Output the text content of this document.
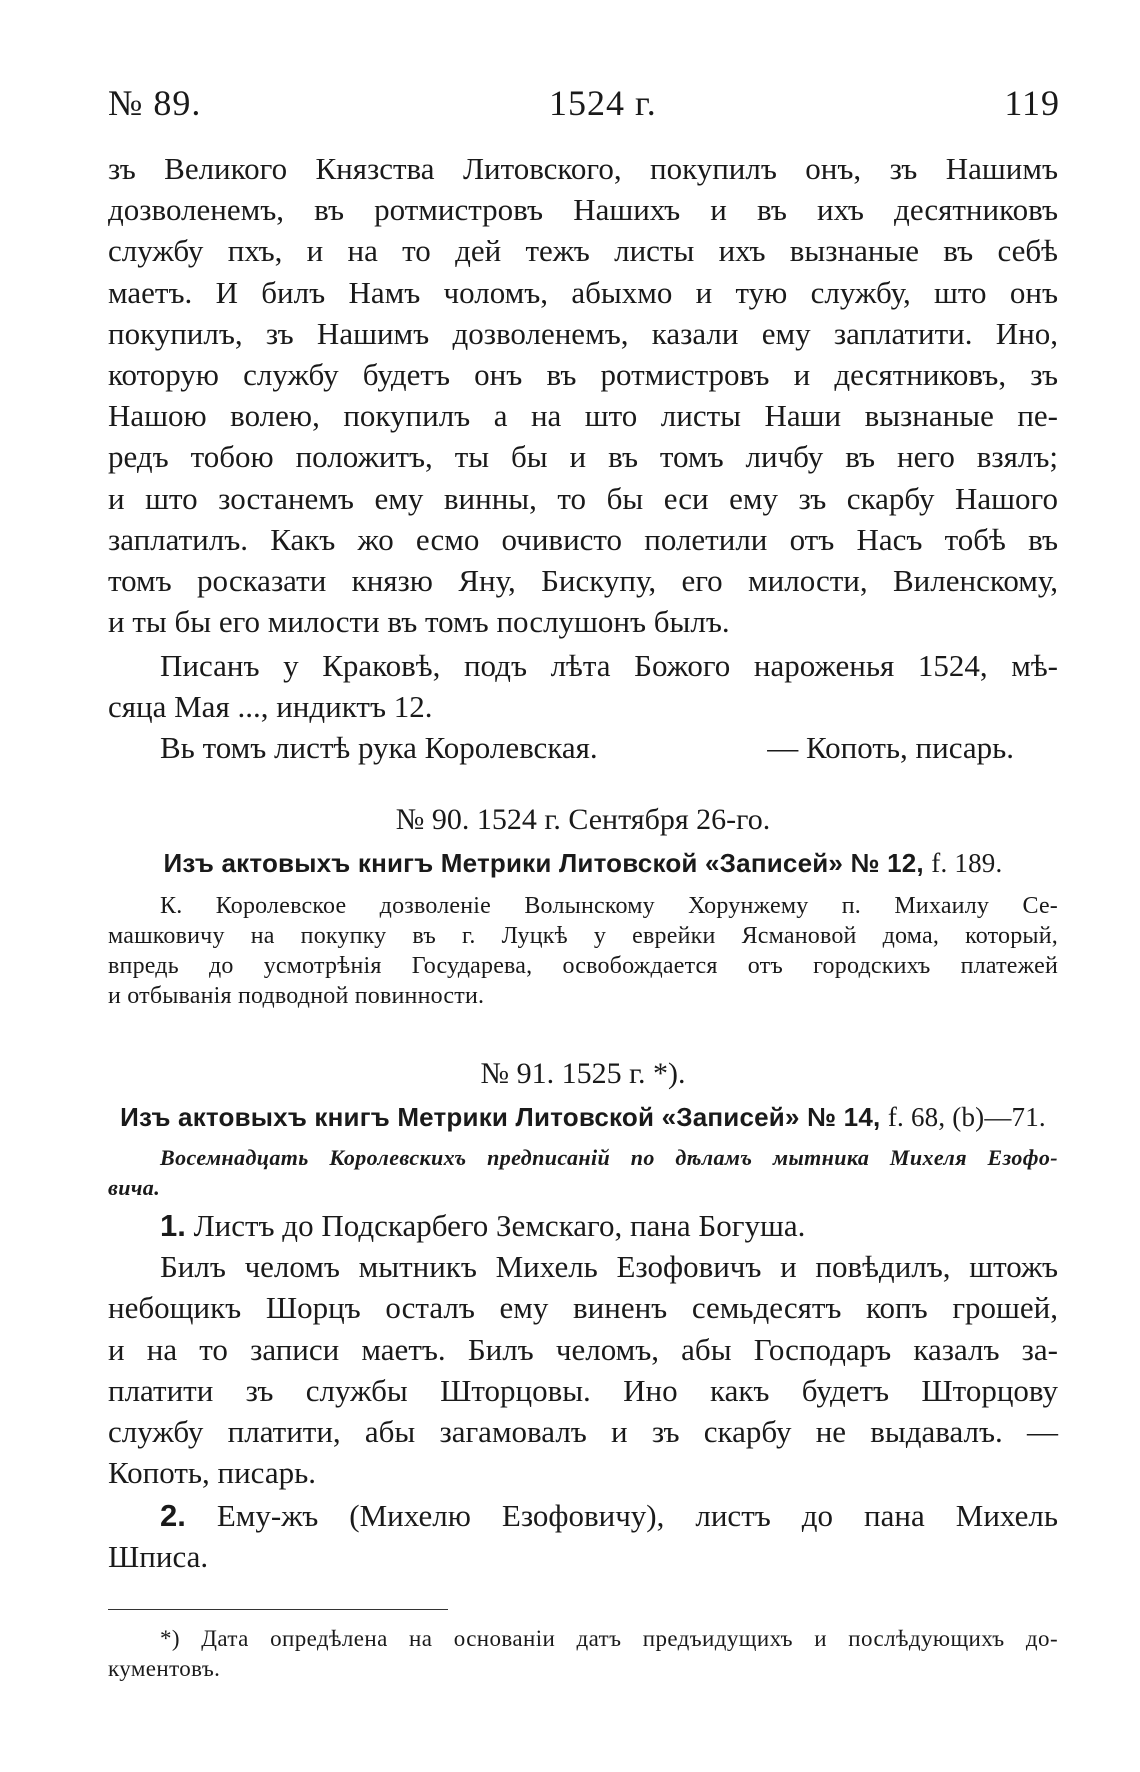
№ 89.	1524 г.	119
зъ Великого Князства Литовского, покупилъ онъ, зъ Нашимъ
дозволенемъ, въ ротмистровъ Нашихъ и въ ихъ десятниковъ
службу пхъ, и на то дей тежъ листы ихъ вызнаные въ себѣ
маетъ. И билъ Намъ чоломъ, абыхмо и тую службу, што онъ
покупилъ, зъ Нашимъ дозволенемъ, казали ему заплатити. Ино,
которую службу будетъ онъ въ ротмистровъ и десятниковъ, зъ
Нашою волею, покупилъ а на што листы Наши вызнаные пе-
редъ тобою положитъ, ты бы и въ томъ личбу въ него взялъ;
и што зостанемъ ему винны, то бы еси ему зъ скарбу Нашого
заплатилъ. Какъ жо есмо очивисто полетили отъ Насъ тобѣ въ
томъ росказати князю Яну, Бискупу, его милости, Виленскому,
и ты бы его милости въ томъ послушонъ былъ.
Писанъ у Краковѣ, подъ лѣта Божого нароженья 1524, мѣ-
сяца Мая ..., индиктъ 12.
Вь томъ листѣ рука Королевская.	— Копоть, писарь.
№ 90. 1524 г. Сентября 26-го.
Изъ актовыхъ книгъ Метрики Литовской «Записей» № 12, f. 189.
К. Королевское дозволенiе Волынскому Хорунжему п. Михаилу Се-
машковичу на покупку въ г. Луцкѣ у еврейки Ясмановой дома, который,
впредь до усмотрѣнiя Государева, освобождается отъ городскихъ платежей
и отбыванiя подводной повинности.
№ 91. 1525 г. *).
Изъ актовыхъ книгъ Метрики Литовской «Записей» № 14, f. 68, (b)—71.
Восемнадцать Королевскихъ предписанiй по дѣламъ мытника Михеля Езофо-
вича.
1. Листъ до Подскарбего Земскаго, пана Богуша.
Билъ челомъ мытникъ Михель Езофовичъ и повѣдилъ, штожъ
небощикъ Шорцъ осталъ ему виненъ семьдесятъ копъ грошей,
и на то записи маетъ. Билъ челомъ, абы Господаръ казалъ за-
платити зъ службы Шторцовы. Ино какъ будетъ Шторцову
службу платити, абы загамовалъ и зъ скарбу не выдавалъ. —
Копоть, писарь.
2. Ему-жъ (Михелю Езофовичу), листъ до пана Михель
Шписа.
*) Дата опредѣлена на основанiи датъ предъидущихъ и послѣдующихъ до-
кументовъ.
